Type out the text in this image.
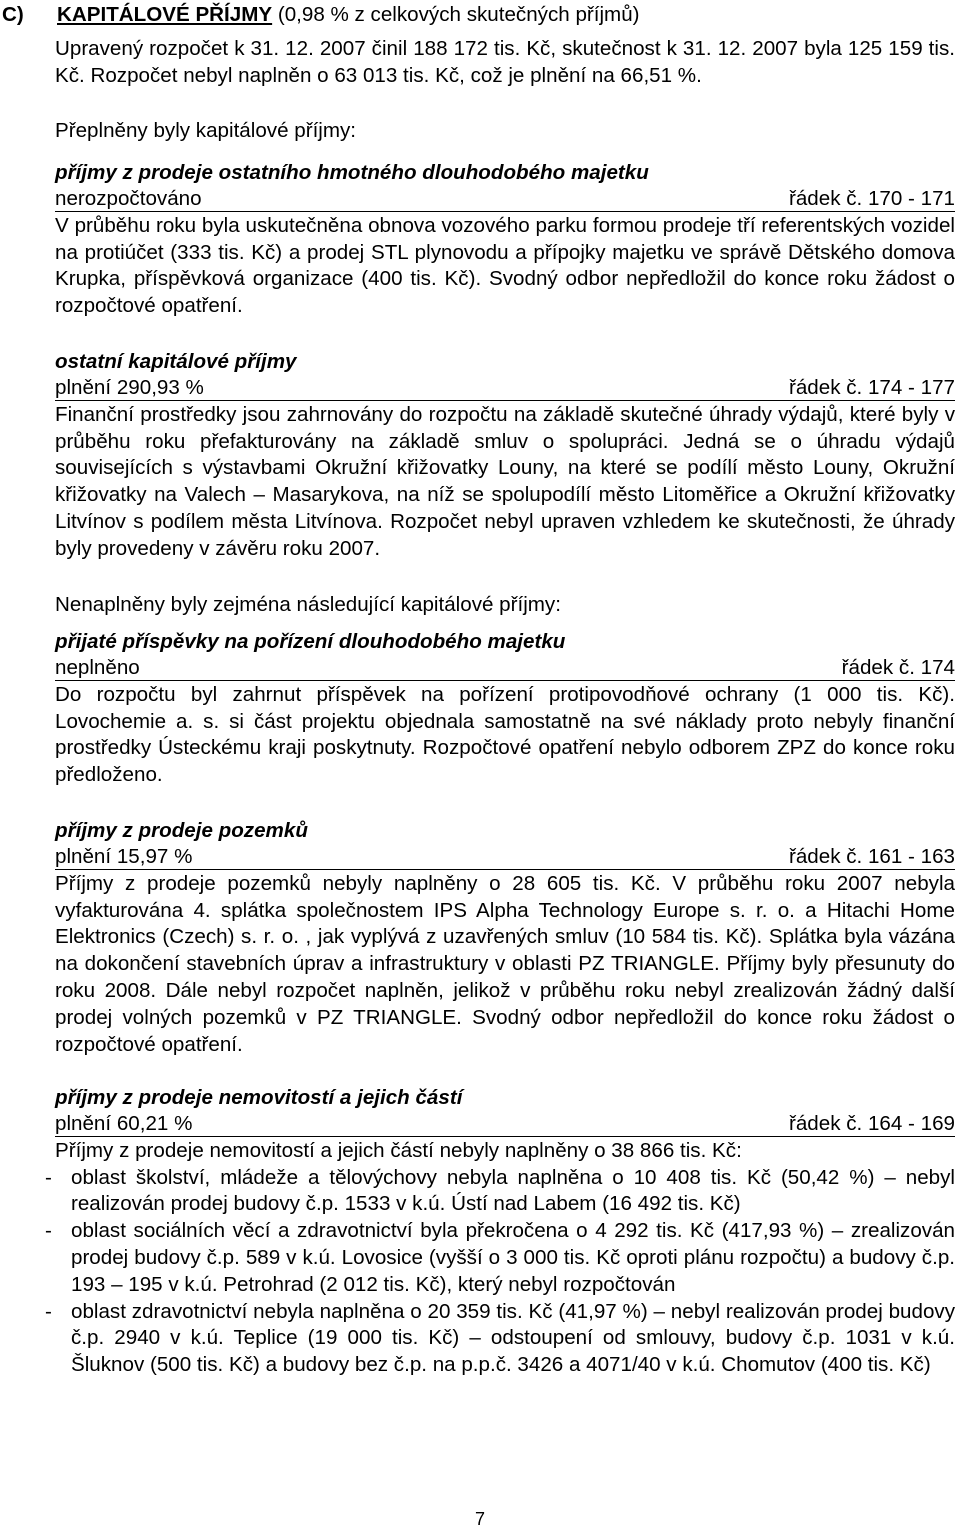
C) KAPITÁLOVÉ PŘÍJMY (0,98 % z celkových skutečných příjmů)

Upravený rozpočet k 31. 12. 2007 činil 188 172 tis. Kč, skutečnost k 31. 12. 2007 byla 125 159 tis. Kč. Rozpočet nebyl naplněn o 63 013 tis. Kč, což je plnění na 66,51 %.

Přeplněny byly kapitálové příjmy:

příjmy z prodeje ostatního hmotného dlouhodobého majetku
nerozpočtováno	řádek č. 170 - 171

V průběhu roku byla uskutečněna obnova vozového parku formou prodeje tří referentských vozidel na protiúčet (333 tis. Kč) a prodej STL plynovodu a přípojky majetku ve správě Dětského domova Krupka, příspěvková organizace (400 tis. Kč). Svodný odbor nepředložil do konce roku žádost o rozpočtové opatření.

ostatní kapitálové příjmy
plnění 290,93 %	řádek č. 174 - 177

Finanční prostředky jsou zahrnovány do rozpočtu na základě skutečné úhrady výdajů, které byly v průběhu roku přefakturovány na základě smluv o spolupráci. Jedná se o úhradu výdajů souvisejících s výstavbami Okružní křižovatky Louny, na které se podílí město Louny, Okružní křižovatky na Valech – Masarykova, na níž se spolupodílí město Litoměřice a Okružní křižovatky Litvínov s podílem města Litvínova. Rozpočet nebyl upraven vzhledem ke skutečnosti, že úhrady byly provedeny v závěru roku 2007.

Nenaplněny byly zejména následující kapitálové příjmy:

přijaté příspěvky na pořízení dlouhodobého majetku
neplněno	řádek č. 174

Do rozpočtu byl zahrnut příspěvek na pořízení protipovodňové ochrany (1 000 tis. Kč). Lovochemie a. s. si část projektu objednala samostatně na své náklady proto nebyly finanční prostředky Ústeckému kraji poskytnuty. Rozpočtové opatření nebylo odborem ZPZ do konce roku předloženo.

příjmy z prodeje pozemků
plnění 15,97 %	řádek č. 161 - 163

Příjmy z prodeje pozemků nebyly naplněny o 28 605 tis. Kč. V průběhu roku 2007 nebyla vyfakturována 4. splátka společnostem IPS Alpha Technology Europe s. r. o. a Hitachi Home Elektronics (Czech) s. r. o. , jak vyplývá z uzavřených smluv (10 584 tis. Kč). Splátka byla vázána na dokončení stavebních úprav a infrastruktury v oblasti PZ TRIANGLE. Příjmy byly přesunuty do roku 2008. Dále nebyl rozpočet naplněn, jelikož v průběhu roku nebyl zrealizován žádný další prodej volných pozemků v PZ TRIANGLE. Svodný odbor nepředložil do konce roku žádost o rozpočtové opatření.

příjmy z prodeje nemovitostí a jejich částí
plnění 60,21 %	řádek č. 164 - 169

Příjmy z prodeje nemovitostí a jejich částí nebyly naplněny o 38 866 tis. Kč:

- oblast školství, mládeže a tělovýchovy nebyla naplněna o 10 408 tis. Kč (50,42 %) – nebyl realizován prodej budovy č.p. 1533 v k.ú. Ústí nad Labem (16 492 tis. Kč)
- oblast sociálních věcí a zdravotnictví byla překročena o 4 292 tis. Kč (417,93 %) – zrealizován prodej budovy č.p. 589 v k.ú. Lovosice (vyšší o 3 000 tis. Kč oproti plánu rozpočtu) a budovy č.p. 193 – 195 v k.ú. Petrohrad (2 012 tis. Kč), který nebyl rozpočtován
- oblast zdravotnictví nebyla naplněna o 20 359 tis. Kč (41,97 %) – nebyl realizován prodej budovy č.p. 2940 v k.ú. Teplice (19 000 tis. Kč) – odstoupení od smlouvy, budovy č.p. 1031 v k.ú. Šluknov (500 tis. Kč) a budovy bez č.p. na p.p.č. 3426 a 4071/40 v k.ú. Chomutov (400 tis. Kč)
7
